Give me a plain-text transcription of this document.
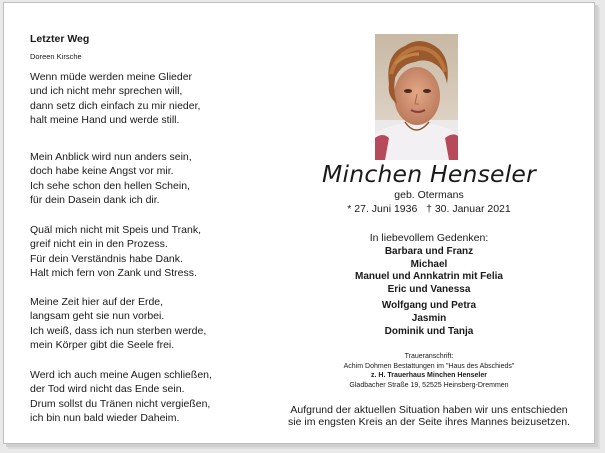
Letzter Weg
Doreen Kirsche
Wenn müde werden meine Glieder
und ich nicht mehr sprechen will,
dann setz dich einfach zu mir nieder,
halt meine Hand und werde still.
Mein Anblick wird nun anders sein,
doch habe keine Angst vor mir.
Ich sehe schon den hellen Schein,
für dein Dasein dank ich dir.
Quäl mich nicht mit Speis und Trank,
greif nicht ein in den Prozess.
Für dein Verständnis habe Dank.
Halt mich fern von Zank und Stress.
Meine Zeit hier auf der Erde,
langsam geht sie nun vorbei.
Ich weiß, dass ich nun sterben werde,
mein Körper gibt die Seele frei.
Werd ich auch meine Augen schließen,
der Tod wird nicht das Ende sein.
Drum sollst du Tränen nicht vergießen,
ich bin nun bald wieder Daheim.
Minchen Henseler
geb. Otermans
* 27. Juni 1936   † 30. Januar 2021
In liebevollem Gedenken:
Barbara und Franz
Michael
Manuel und Annkatrin mit Felia
Eric und Vanessa
Wolfgang und Petra
Jasmin
Dominik und Tanja
Traueranschrift:
Achim Dohmen Bestattungen im "Haus des Abschieds"
z. H. Trauerhaus Minchen Henseler
Gladbacher Straße 19, 52525 Heinsberg-Dremmen
Aufgrund der aktuellen Situation haben wir uns entschieden
sie im engsten Kreis an der Seite ihres Mannes beizusetzen.
